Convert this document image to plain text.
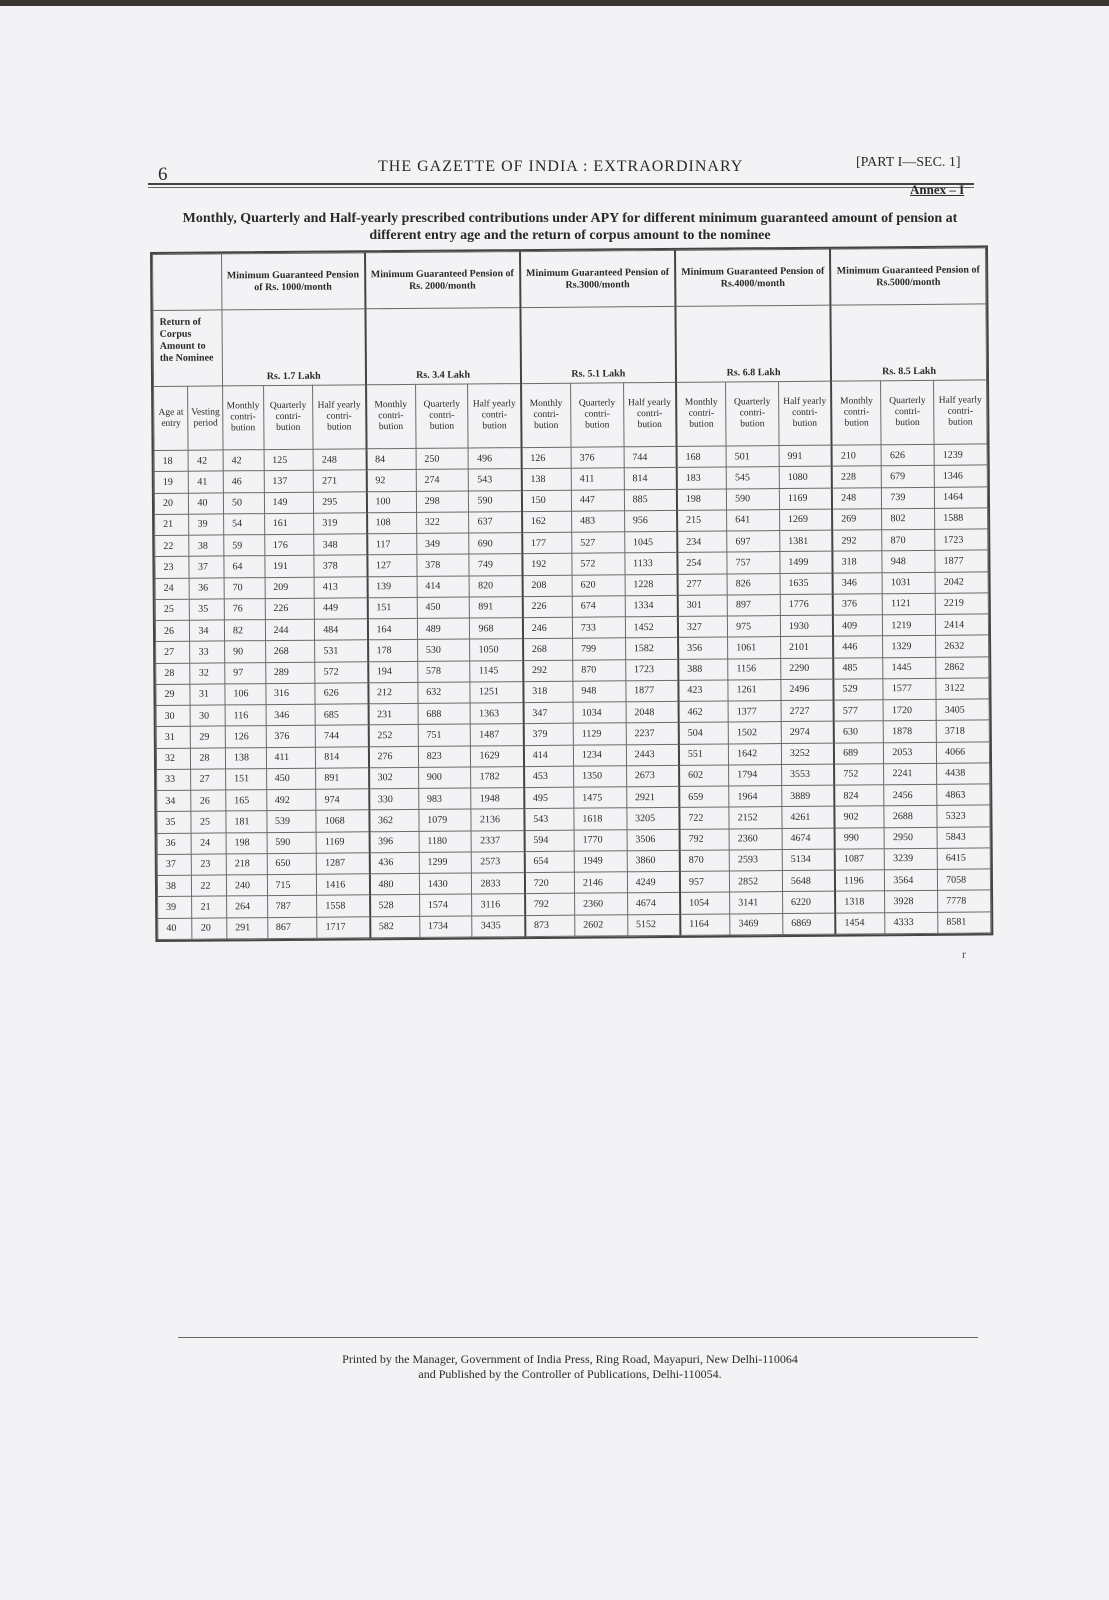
6	THE GAZETTE OF INDIA : EXTRAORDINARY	[PART I—SEC. 1]
Annex – I
Monthly, Quarterly and Half-yearly prescribed contributions under APY for different minimum guaranteed amount of pension at different entry age and the return of corpus amount to the nominee
		Minimum Guaranteed Pension of Rs. 1000/month			Minimum Guaranteed Pension of Rs. 2000/month			Minimum Guaranteed Pension of Rs.3000/month			Minimum Guaranteed Pension of Rs.4000/month			Minimum Guaranteed Pension of Rs.5000/month		
Return of Corpus Amount to the Nominee		Rs. 1.7 Lakh			Rs. 3.4 Lakh			Rs. 5.1 Lakh			Rs. 6.8 Lakh			Rs. 8.5 Lakh		
Age at entry	Vesting period	Monthly contri- bution	Quarterly contri- bution	Half yearly contri- bution	Monthly contri- bution	Quarterly contri- bution	Half yearly contri- bution	Monthly contri- bution	Quarterly contri- bution	Half yearly contri- bution	Monthly contri- bution	Quarterly contri- bution	Half yearly contri- bution	Monthly contri- bution	Quarterly contri- bution	Half yearly contri- bution
18	42	42	125	248	84	250	496	126	376	744	168	501	991	210	626	1239
19	41	46	137	271	92	274	543	138	411	814	183	545	1080	228	679	1346
20	40	50	149	295	100	298	590	150	447	885	198	590	1169	248	739	1464
21	39	54	161	319	108	322	637	162	483	956	215	641	1269	269	802	1588
22	38	59	176	348	117	349	690	177	527	1045	234	697	1381	292	870	1723
23	37	64	191	378	127	378	749	192	572	1133	254	757	1499	318	948	1877
24	36	70	209	413	139	414	820	208	620	1228	277	826	1635	346	1031	2042
25	35	76	226	449	151	450	891	226	674	1334	301	897	1776	376	1121	2219
26	34	82	244	484	164	489	968	246	733	1452	327	975	1930	409	1219	2414
27	33	90	268	531	178	530	1050	268	799	1582	356	1061	2101	446	1329	2632
28	32	97	289	572	194	578	1145	292	870	1723	388	1156	2290	485	1445	2862
29	31	106	316	626	212	632	1251	318	948	1877	423	1261	2496	529	1577	3122
30	30	116	346	685	231	688	1363	347	1034	2048	462	1377	2727	577	1720	3405
31	29	126	376	744	252	751	1487	379	1129	2237	504	1502	2974	630	1878	3718
32	28	138	411	814	276	823	1629	414	1234	2443	551	1642	3252	689	2053	4066
33	27	151	450	891	302	900	1782	453	1350	2673	602	1794	3553	752	2241	4438
34	26	165	492	974	330	983	1948	495	1475	2921	659	1964	3889	824	2456	4863
35	25	181	539	1068	362	1079	2136	543	1618	3205	722	2152	4261	902	2688	5323
36	24	198	590	1169	396	1180	2337	594	1770	3506	792	2360	4674	990	2950	5843
37	23	218	650	1287	436	1299	2573	654	1949	3860	870	2593	5134	1087	3239	6415
38	22	240	715	1416	480	1430	2833	720	2146	4249	957	2852	5648	1196	3564	7058
39	21	264	787	1558	528	1574	3116	792	2360	4674	1054	3141	6220	1318	3928	7778
40	20	291	867	1717	582	1734	3435	873	2602	5152	1164	3469	6869	1454	4333	8581
r
Printed by the Manager, Government of India Press, Ring Road, Mayapuri, New Delhi-110064
and Published by the Controller of Publications, Delhi-110054.
